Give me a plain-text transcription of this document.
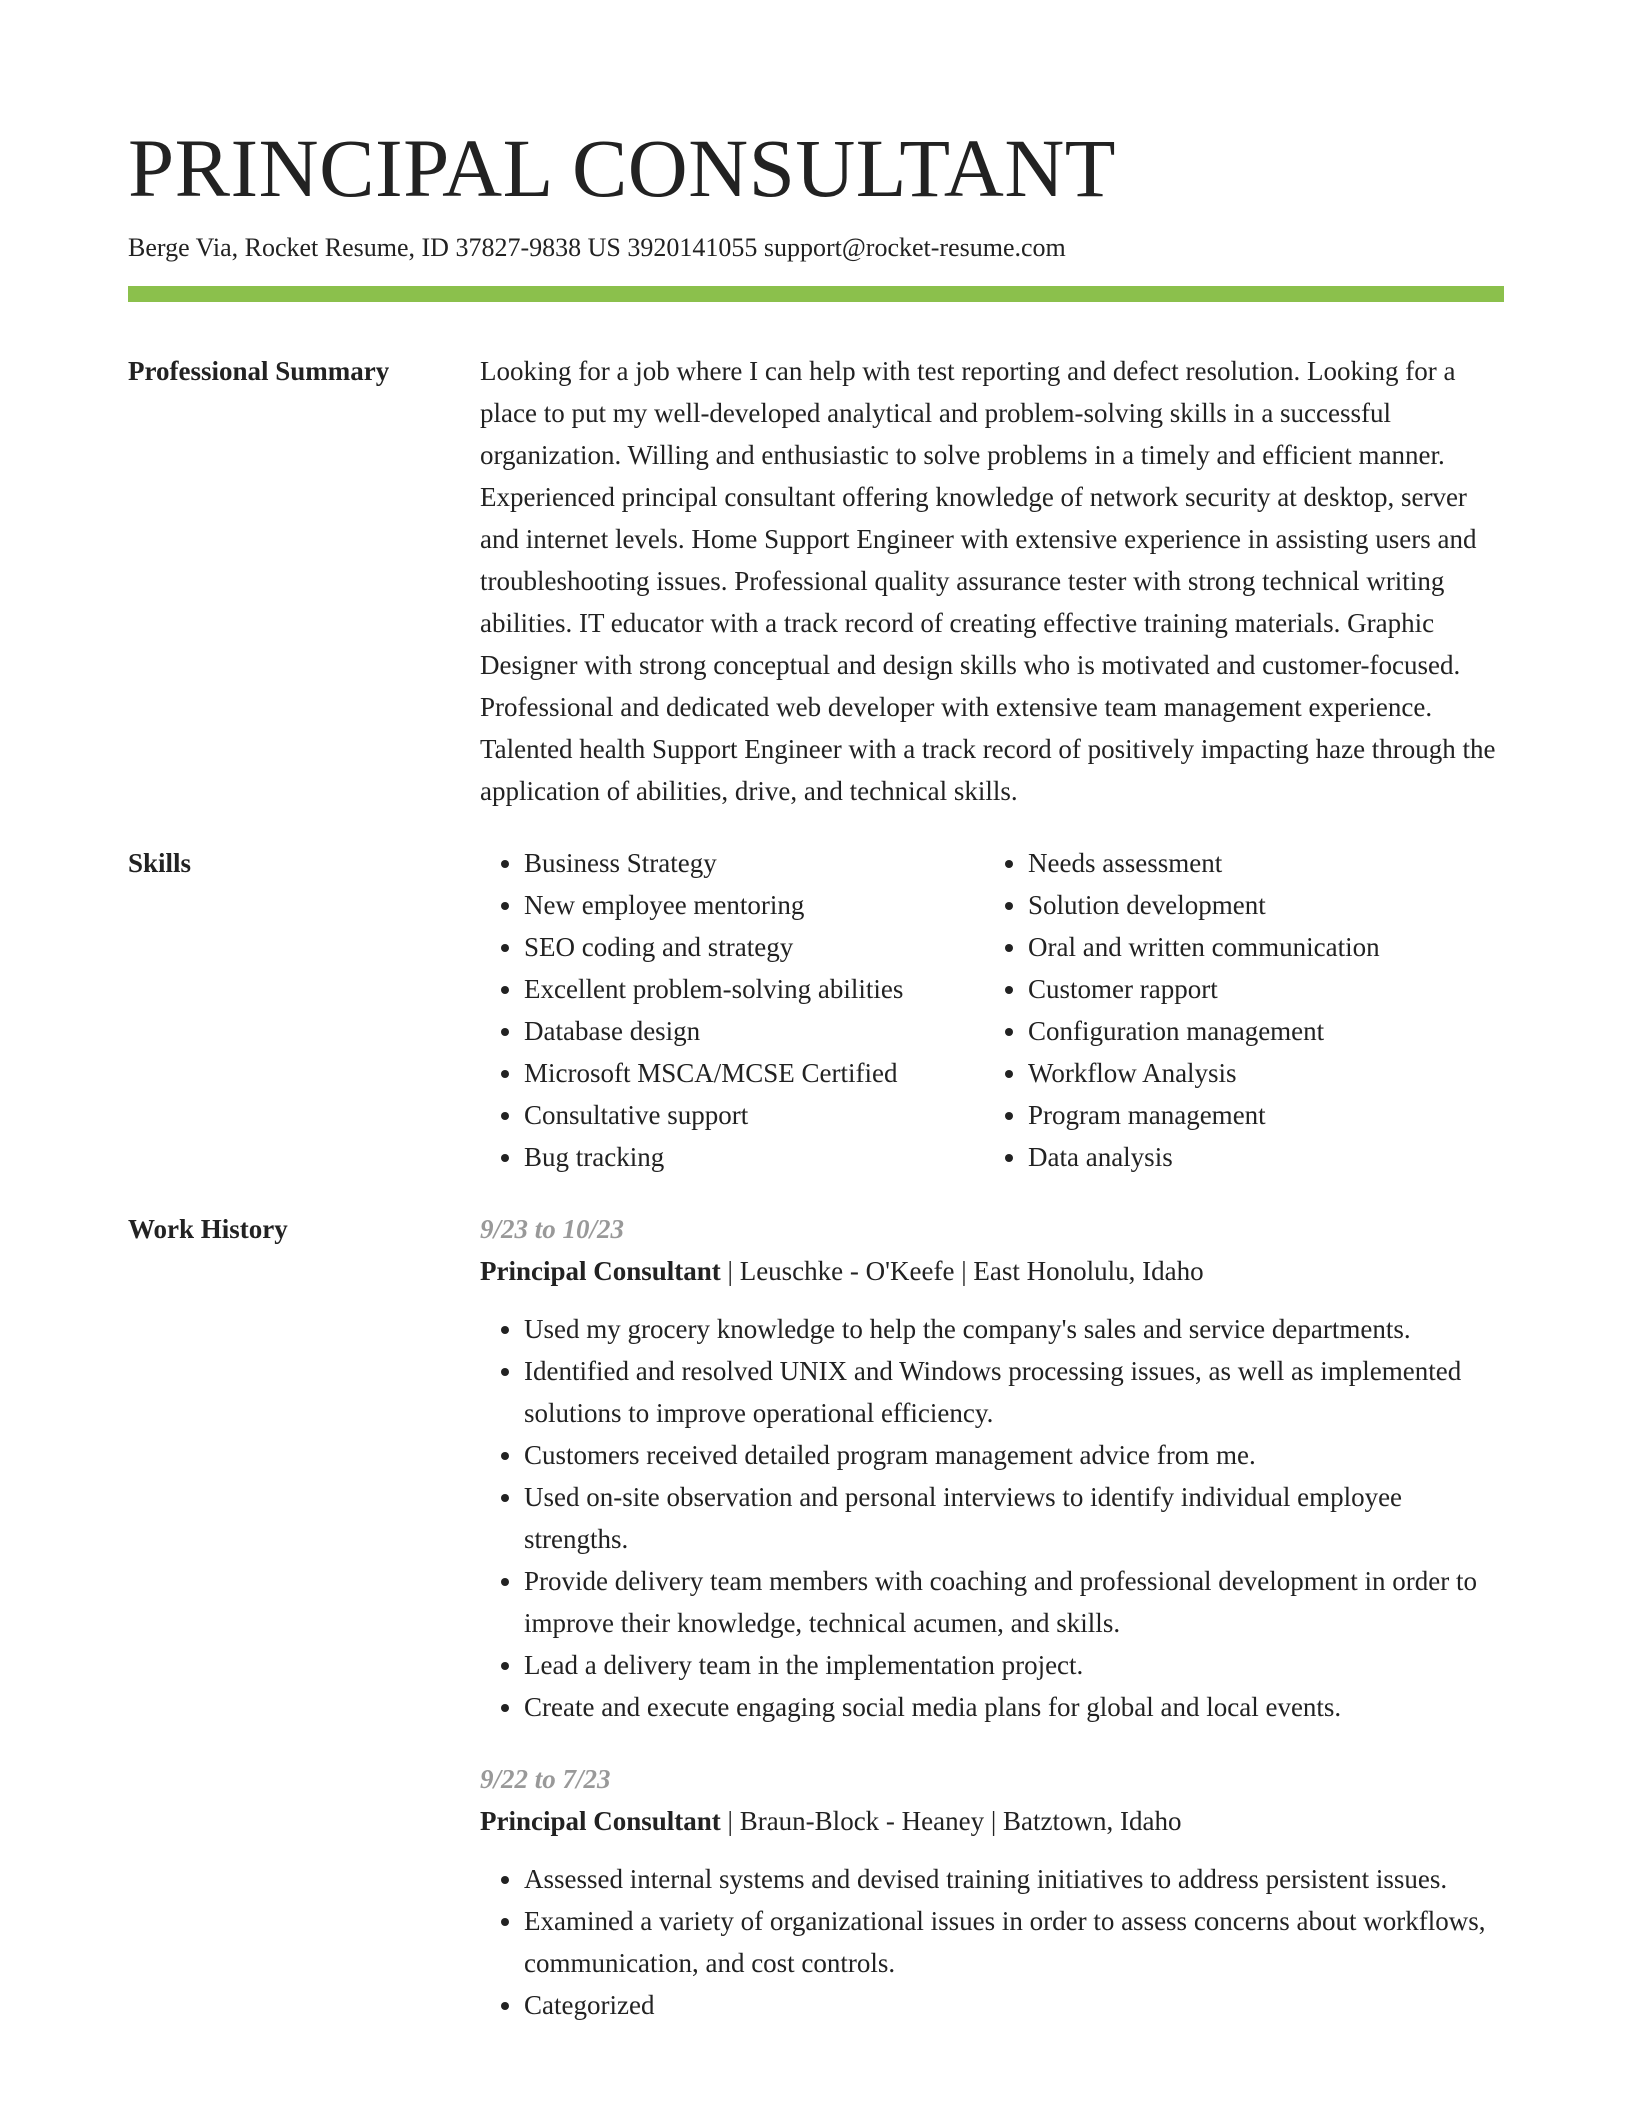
PRINCIPAL CONSULTANT
Berge Via, Rocket Resume, ID 37827-9838 US 3920141055 support@rocket-resume.com
Professional Summary	Looking for a job where I can help with test reporting and defect resolution. Looking for a place to put my well-developed analytical and problem-solving skills in a successful organization. Willing and enthusiastic to solve problems in a timely and efficient manner. Experienced principal consultant offering knowledge of network security at desktop, server and internet levels. Home Support Engineer with extensive experience in assisting users and troubleshooting issues. Professional quality assurance tester with strong technical writing abilities. IT educator with a track record of creating effective training materials. Graphic Designer with strong conceptual and design skills who is motivated and customer-focused. Professional and dedicated web developer with extensive team management experience. Talented health Support Engineer with a track record of positively impacting haze through the application of abilities, drive, and technical skills.

Skills
•	Business Strategy
• New employee mentoring
• SEO coding and strategy
• Excellent problem-solving abilities
• Database design
• Microsoft MSCA/MCSE Certified
• Consultative support
• Bug tracking
• Needs assessment
• Solution development
• Oral and written communication
• Customer rapport
• Configuration management
• Workflow Analysis
• Program management
• Data analysis
Work History	9/23 to 10/23
Principal Consultant | Leuschke - O'Keefe | East Honolulu, Idaho
• Used my grocery knowledge to help the company's sales and service departments.
• Identified and resolved UNIX and Windows processing issues, as well as implemented solutions to improve operational efficiency.
• Customers received detailed program management advice from me.
• Used on-site observation and personal interviews to identify individual employee strengths.
• Provide delivery team members with coaching and professional development in order to improve their knowledge, technical acumen, and skills.
• Lead a delivery team in the implementation project.
• Create and execute engaging social media plans for global and local events.
9/22 to 7/23
Principal Consultant | Braun-Block - Heaney | Batztown, Idaho
• Assessed internal systems and devised training initiatives to address persistent issues.
• Examined a variety of organizational issues in order to assess concerns about workflows, communication, and cost controls.
• Categorized
